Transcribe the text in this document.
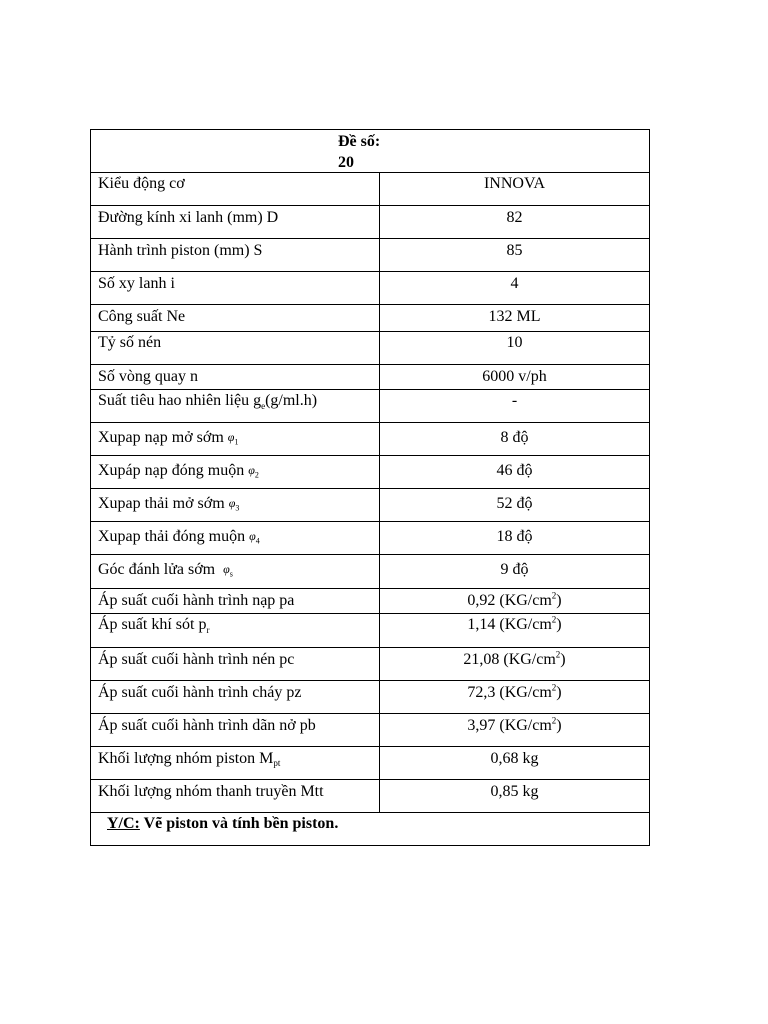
Đề số:
20	

Kiểu động cơ	INNOVA
Đường kính xi lanh (mm) D	82
Hành trình piston (mm) S	85
Số xy lanh i	4
Công suất Ne	132 ML
Tỷ số nén	10
Số vòng quay n	6000 v/ph
Suất tiêu hao nhiên liệu $g_e(g/ml.h)$	-
Xupap nạp mở sớm $\varphi_1$	8 độ
Xupáp nạp đóng muộn $\varphi_2$	46 độ
Xupap thải mở sớm $\varphi_3$	52 độ
Xupap thải đóng muộn $\varphi_4$	18 độ
Góc đánh lửa sớm $\varphi_s$	9 độ
Áp suất cuối hành trình nạp pa	0,92 $(KG/cm^2)$
Áp suất khí sót $p_r$	1,14 $(KG/cm^2)$
Áp suất cuối hành trình nén pc	21,08 $(KG/cm^2)$
Áp suất cuối hành trình cháy pz	72,3 $(KG/cm^2)$
Áp suất cuối hành trình dãn nở pb	3,97 $(KG/cm^2)$
Khối lượng nhóm piston $M_{pt}$	0,68 kg
Khối lượng nhóm thanh truyền Mtt	0,85 kg
Y/C: Vẽ piston và tính bền piston.	
